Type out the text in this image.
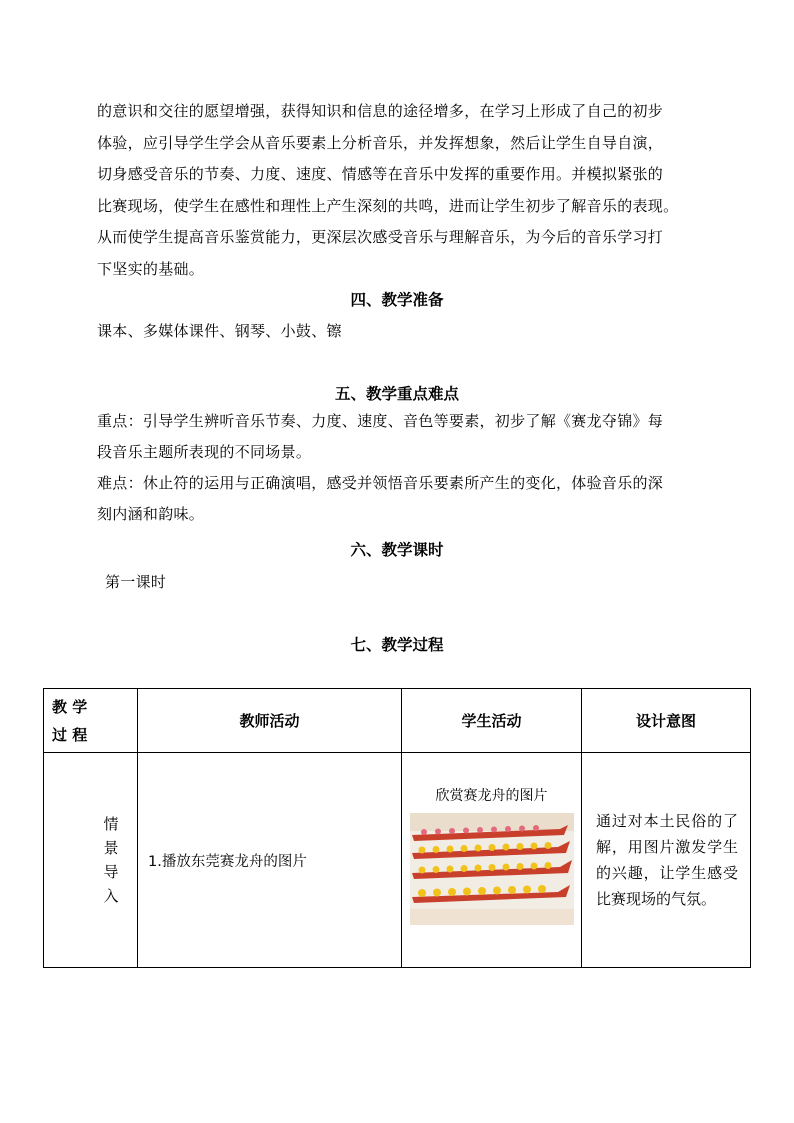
的意识和交往的愿望增强，获得知识和信息的途径增多，在学习上形成了自己的初步
体验，应引导学生学会从音乐要素上分析音乐，并发挥想象，然后让学生自导自演，
切身感受音乐的节奏、力度、速度、情感等在音乐中发挥的重要作用。并模拟紧张的
比赛现场，使学生在感性和理性上产生深刻的共鸣，进而让学生初步了解音乐的表现。
从而使学生提高音乐鉴赏能力，更深层次感受音乐与理解音乐，为今后的音乐学习打
下坚实的基础。
四、教学准备
课本、多媒体课件、钢琴、小鼓、镲
五、教学重点难点
重点：引导学生辨听音乐节奏、力度、速度、音色等要素，初步了解《赛龙夺锦》每
段音乐主题所表现的不同场景。
难点：休止符的运用与正确演唱，感受并领悟音乐要素所产生的变化，体验音乐的深
刻内涵和韵味。
六、教学课时
第一课时
七、教学过程
教 学
过 程	教师活动	学生活动	设计意图

情
景
导
入	1.播放东莞赛龙舟的图片	欣赏赛龙舟的图片	通过对本土民俗的了解，用图片激发学生的兴趣，让学生感受比赛现场的气氛。
